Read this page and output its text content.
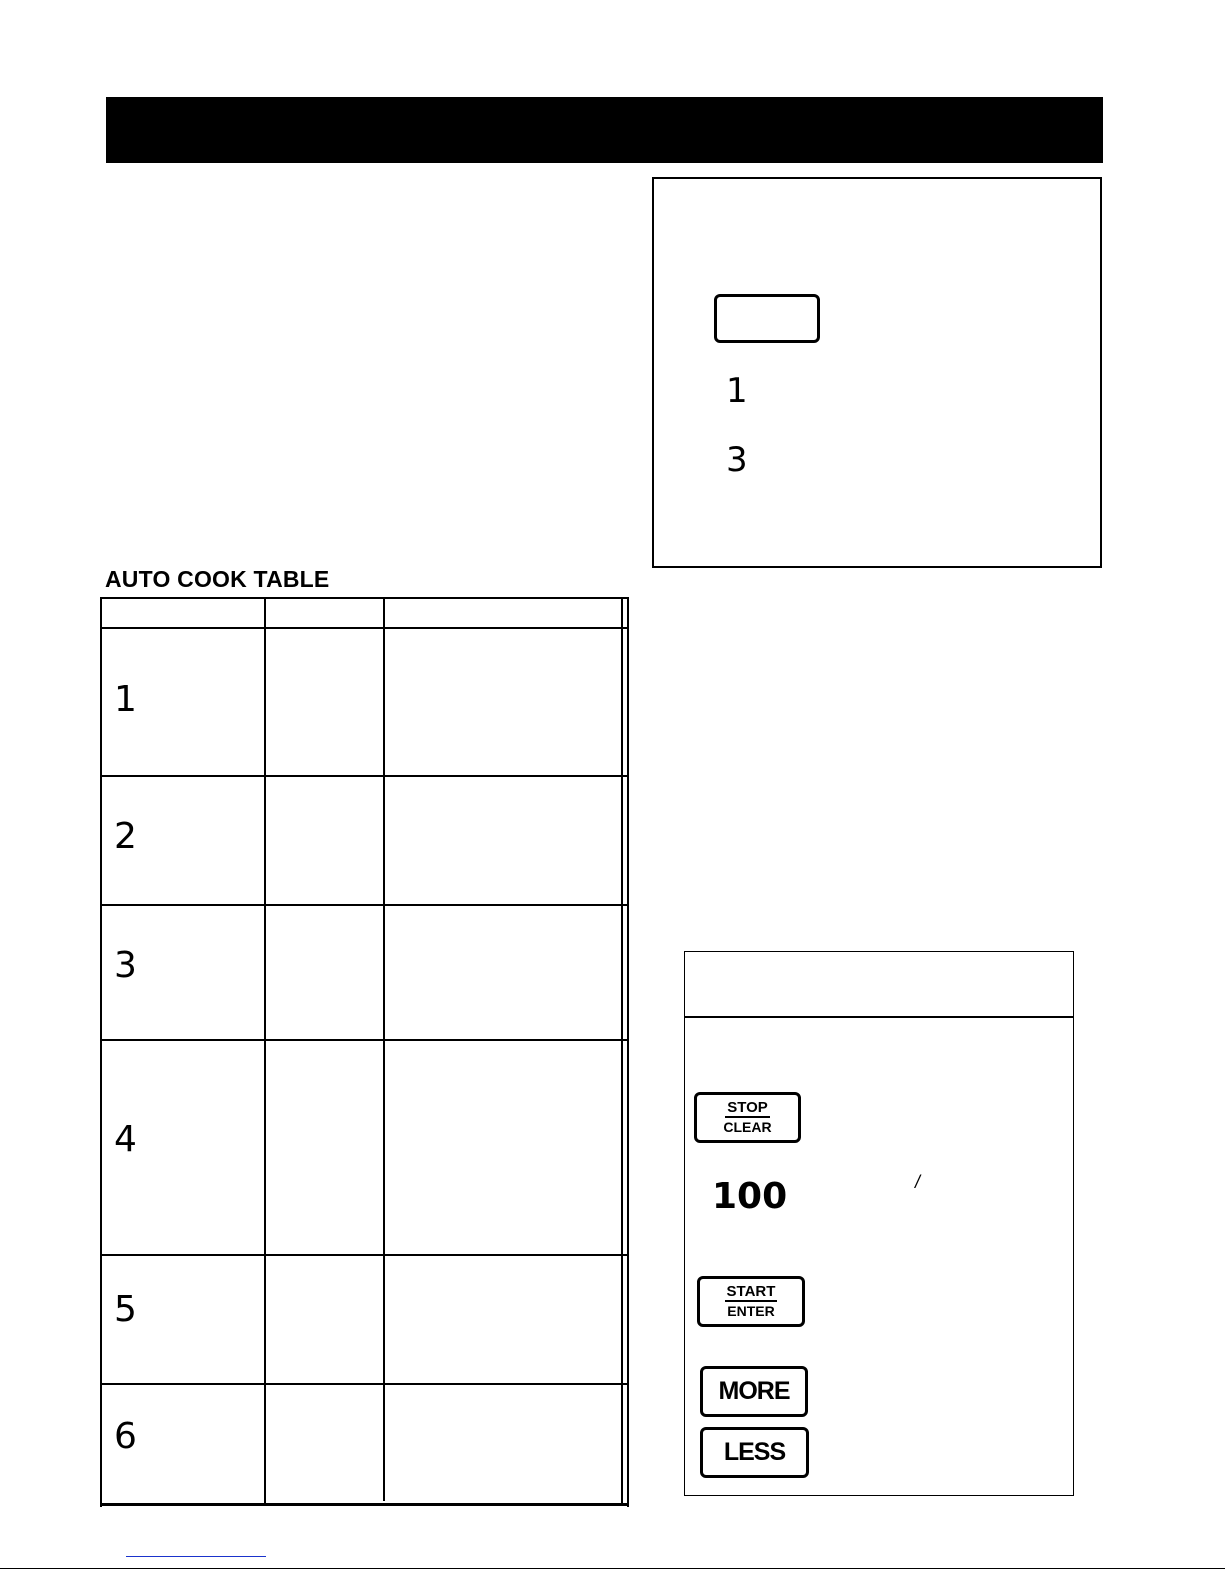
1
3
AUTO COOK TABLE
1
2
3
4
5
6
STOP
CLEAR
100	/
START
ENTER
MORE
LESS
